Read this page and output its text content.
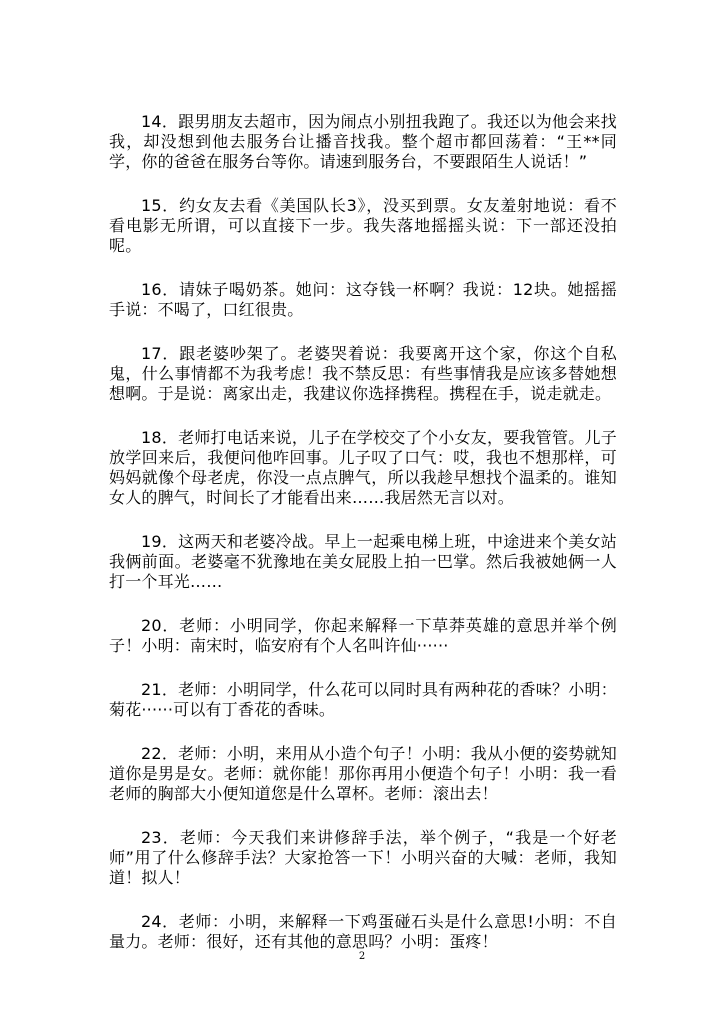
14．跟男朋友去超市，因为闹点小别扭我跑了。我还以为他会来找我，却没想到他去服务台让播音找我。整个超市都回荡着：“王**同学，你的爸爸在服务台等你。请速到服务台，不要跟陌生人说话！”

15．约女友去看《美国队长3》，没买到票。女友羞射地说：看不看电影无所谓，可以直接下一步。我失落地摇摇头说：下一部还没拍呢。

16．请妹子喝奶茶。她问：这夺钱一杯啊？我说：12块。她摇摇手说：不喝了，口红很贵。

17．跟老婆吵架了。老婆哭着说：我要离开这个家，你这个自私鬼，什么事情都不为我考虑！我不禁反思：有些事情我是应该多替她想想啊。于是说：离家出走，我建议你选择携程。携程在手，说走就走。

18．老师打电话来说，儿子在学校交了个小女友，要我管管。儿子放学回来后，我便问他咋回事。儿子叹了口气：哎，我也不想那样，可妈妈就像个母老虎，你没一点点脾气，所以我趁早想找个温柔的。谁知女人的脾气，时间长了才能看出来……我居然无言以对。

19．这两天和老婆冷战。早上一起乘电梯上班，中途进来个美女站我俩前面。老婆毫不犹豫地在美女屁股上拍一巴掌。然后我被她俩一人打一个耳光……

20．老师：小明同学，你起来解释一下草莽英雄的意思并举个例子！小明：南宋时，临安府有个人名叫许仙······

21．老师：小明同学，什么花可以同时具有两种花的香味？小明：菊花······可以有丁香花的香味。

22．老师：小明，来用从小造个句子！小明：我从小便的姿势就知道你是男是女。老师：就你能！那你再用小便造个句子！小明：我一看老师的胸部大小便知道您是什么罩杯。老师：滚出去！

23．老师：今天我们来讲修辞手法，举个例子，“我是一个好老师”用了什么修辞手法？大家抢答一下！小明兴奋的大喊：老师，我知道！拟人！

24．老师：小明，来解释一下鸡蛋碰石头是什么意思!小明：不自量力。老师：很好，还有其他的意思吗？小明：蛋疼！

2
